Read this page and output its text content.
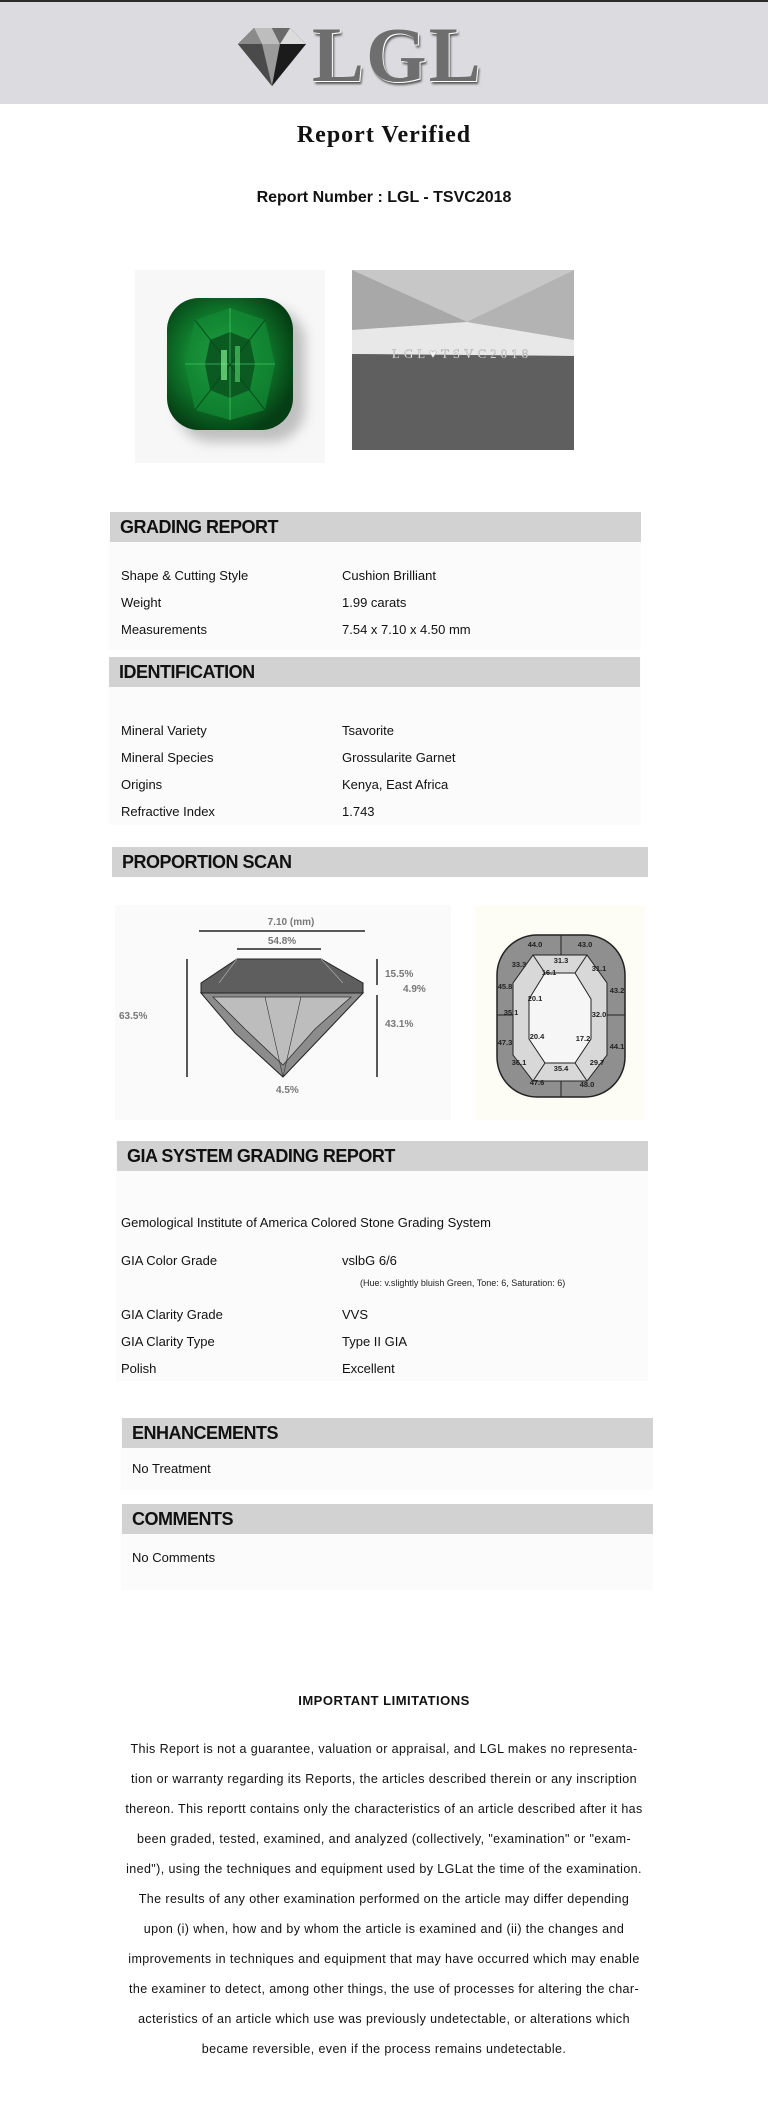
LGL
Report Verified
Report Number : LGL - TSVC2018
LGL♥TSVC2018
GRADING REPORT
Shape & Cutting Style	Cushion Brilliant
Weight	1.99 carats
Measurements	7.54 x 7.10 x 4.50 mm
IDENTIFICATION
Mineral Variety	Tsavorite
Mineral Species	Grossularite Garnet
Origins	Kenya, East Africa
Refractive Index	1.743
PROPORTION SCAN
7.10 (mm)
54.8%
63.5%
15.5%
4.9%
43.1%
4.5%
44.0	43.0
33.3	31.3
16.1	31.1
45.8	43.2
20.1
35.1	32.0
20.4	17.2
47.3	44.1
36.1	29.7
35.4
47.6	48.0
GIA SYSTEM GRADING REPORT
Gemological Institute of America Colored Stone Grading System
GIA Color Grade	vslbG 6/6
(Hue: v.slightly bluish Green, Tone: 6, Saturation: 6)
GIA Clarity Grade	VVS
GIA Clarity Type	Type II GIA
Polish	Excellent
ENHANCEMENTS
No Treatment
COMMENTS
No Comments
IMPORTANT LIMITATIONS
This Report is not a guarantee, valuation or appraisal, and LGL makes no representa-
tion or warranty regarding its Reports, the articles described therein or any inscription
thereon. This reportt contains only the characteristics of an article described after it has
been graded, tested, examined, and analyzed (collectively, "examination" or "exam-
ined"), using the techniques and equipment used by LGLat the time of the examination.
The results of any other examination performed on the article may differ depending
upon (i) when, how and by whom the article is examined and (ii) the changes and
improvements in techniques and equipment that may have occurred which may enable
the examiner to detect, among other things, the use of processes for altering the char-
acteristics of an article which use was previously undetectable, or alterations which
became reversible, even if the process remains undetectable.
